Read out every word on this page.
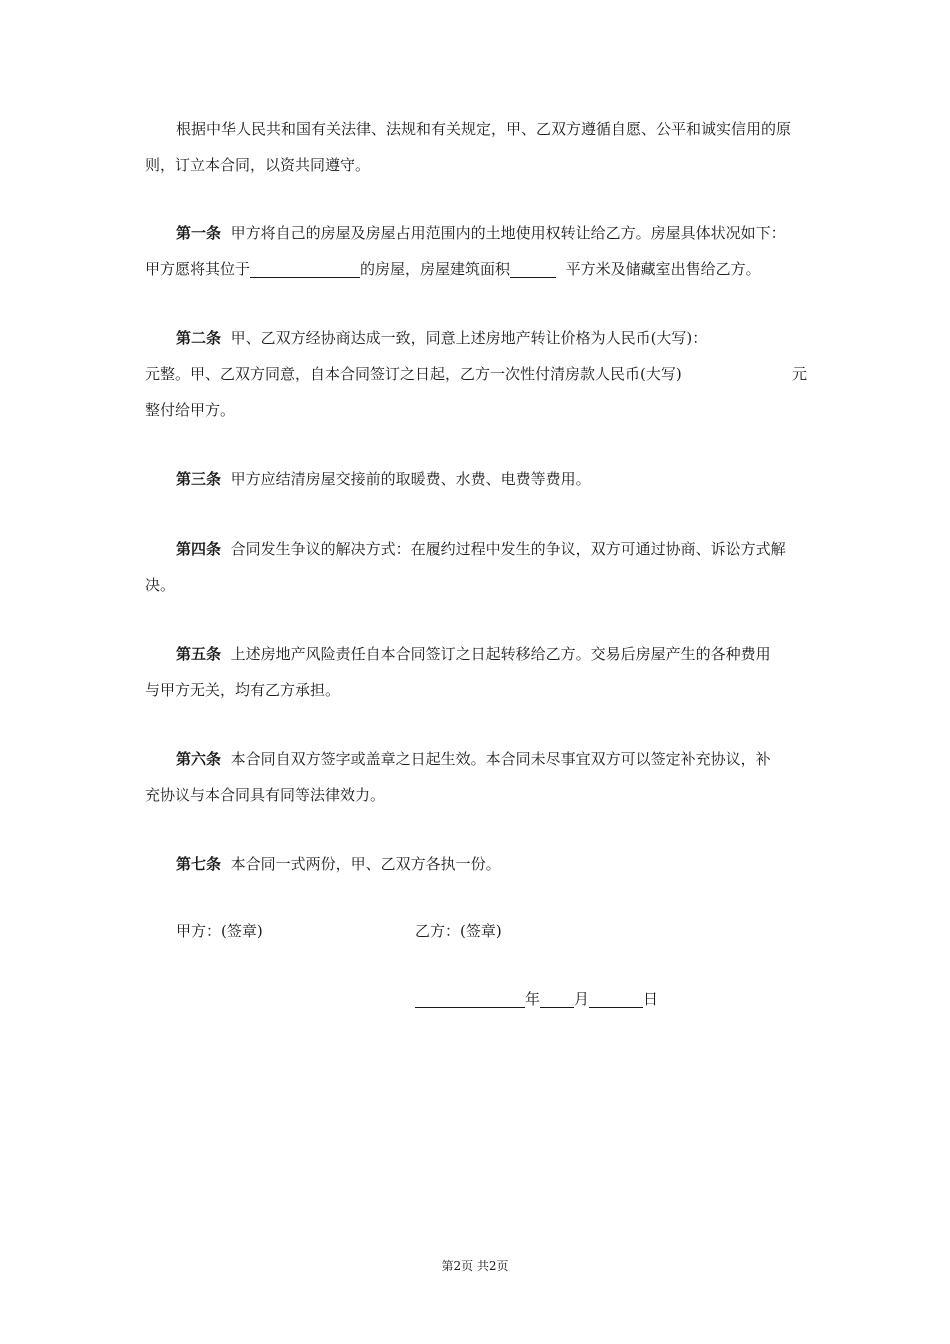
根据中华人民共和国有关法律、法规和有关规定，甲、乙双方遵循自愿、公平和诚实信用的原
则，订立本合同，以资共同遵守。
第一条 甲方将自己的房屋及房屋占用范围内的土地使用权转让给乙方。房屋具体状况如下：
甲方愿将其位于	的房屋，房屋建筑面积	平方米及储藏室出售给乙方。
第二条 甲、乙双方经协商达成一致，同意上述房地产转让价格为人民币(大写)：
元整。甲、乙双方同意，自本合同签订之日起，乙方一次性付清房款人民币(大写)	元
整付给甲方。
第三条 甲方应结清房屋交接前的取暖费、水费、电费等费用。
第四条 合同发生争议的解决方式：在履约过程中发生的争议，双方可通过协商、诉讼方式解
决。
第五条 上述房地产风险责任自本合同签订之日起转移给乙方。交易后房屋产生的各种费用
与甲方无关，均有乙方承担。
第六条 本合同自双方签字或盖章之日起生效。本合同未尽事宜双方可以签定补充协议，补
充协议与本合同具有同等法律效力。
第七条 本合同一式两份，甲、乙双方各执一份。
甲方：(签章)	乙方：(签章)
年 月	日
第2页 共2页
